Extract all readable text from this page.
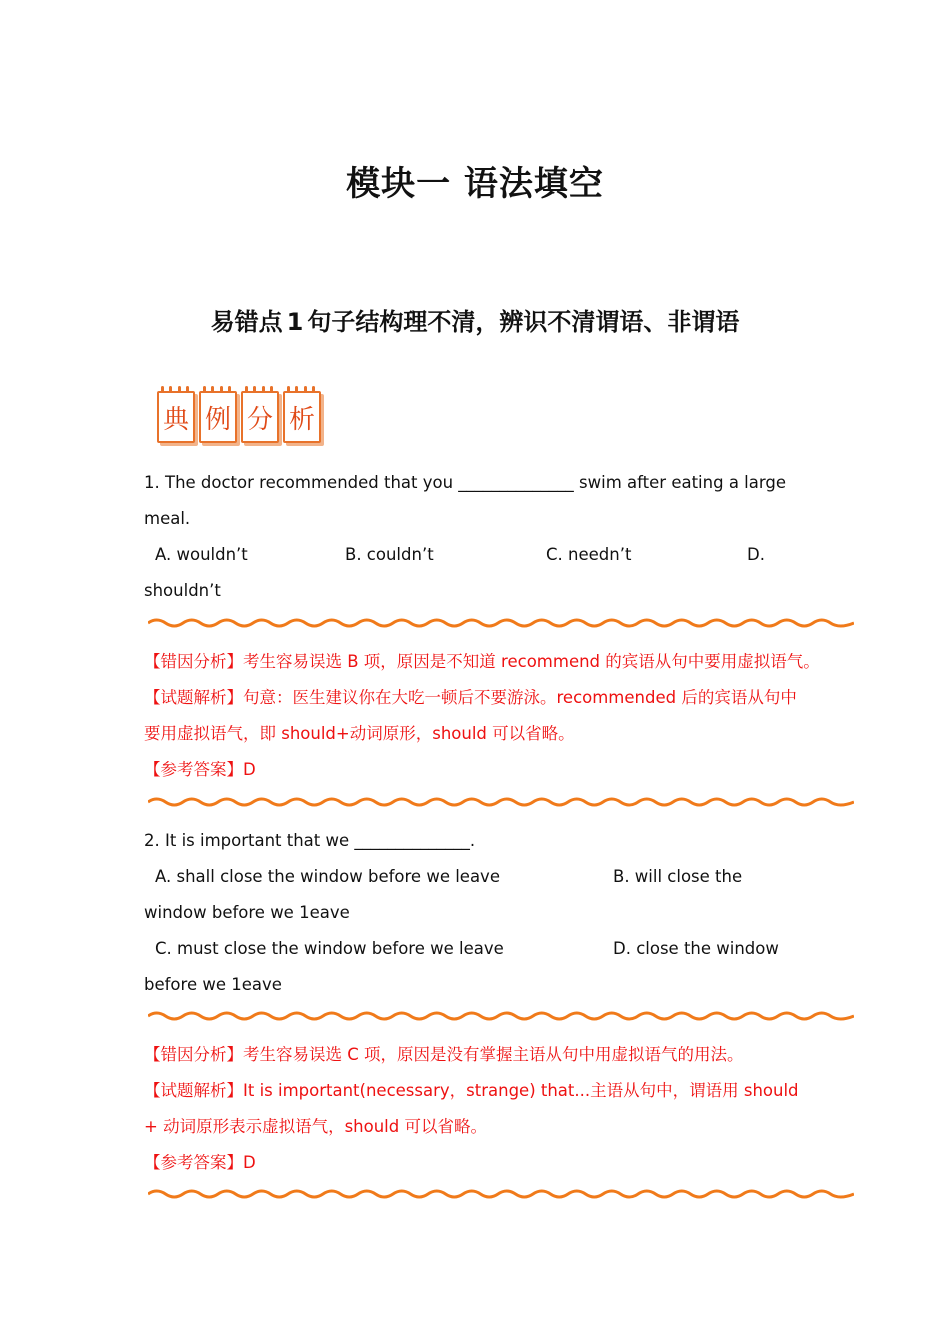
模块一 语法填空
易错点 1 句子结构理不清，辨识不清谓语、非谓语
典 例 分 析
1. The doctor recommended that you ______________ swim after eating a large
meal.
A. wouldn’t	B. couldn’t	C. needn’t	D.
shouldn’t
【错因分析】 考生容易误选 B 项，原因是不知道 recommend 的宾语从句中要用虚拟语气。
【试题解析】 句意：医生建议你在大吃一顿后不要游泳。recommended 后的宾语从句中
要用虚拟语气，即 should+动词原形，should 可以省略。
【参考答案】 D
2. It is important that we ______________.
A. shall close the window before we leave	B. will close the
window before we 1eave
C. must close the window before we leave	D. close the window
before we 1eave
【错因分析】 考生容易误选 C 项，原因是没有掌握主语从句中用虚拟语气的用法。
【试题解析】 It is important(necessary，strange) that...主语从句中，谓语用 should
+ 动词原形表示虚拟语气，should 可以省略。
【参考答案】 D
